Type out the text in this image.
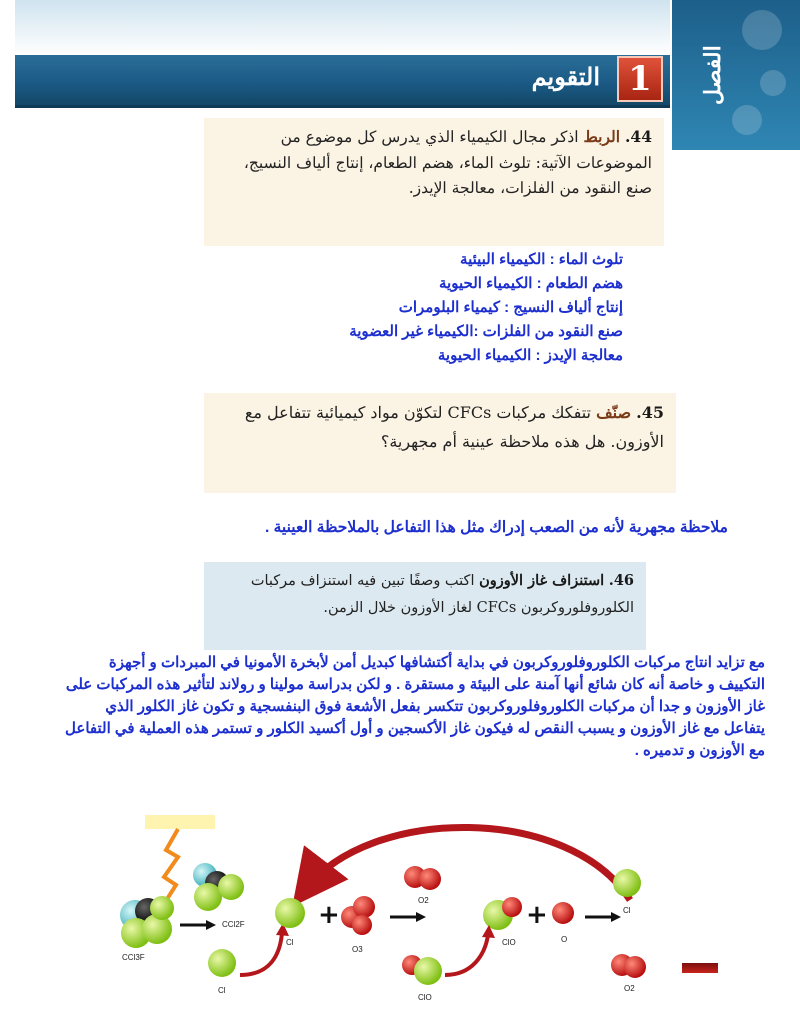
التقويم 1	الفصل
44. الربط اذكر مجال الكيمياء الذي يدرس كل موضوع من الموضوعات الآتية: تلوث الماء، هضم الطعام، إنتاج ألياف النسيج، صنع النقود من الفلزات، معالجة الإيدز.
تلوث الماء : الكيمياء البيئية
هضم الطعام : الكيمياء الحيوية
إنتاج ألياف النسيج : كيمياء البلومرات
صنع النقود من الفلزات :الكيمياء غير العضوية
معالجة الإيدز : الكيمياء الحيوية
45. صنّف تتفكك مركبات CFCs لتكوّن مواد كيميائية تتفاعل مع الأوزون. هل هذه ملاحظة عينية أم مجهرية؟
ملاحظة مجهرية لأنه من الصعب إدراك مثل هذا التفاعل بالملاحظة العينية .
46. استنزاف غاز الأوزون اكتب وصفًا تبين فيه استنزاف مركبات الكلوروفلوروكربون CFCs لغاز الأوزون خلال الزمن.
مع تزايد انتاج مركبات الكلوروفلوروكربون في بداية أكتشافها كبديل أمن لأبخرة الأمونيا في المبردات و أجهزة التكييف و خاصة أنه كان شائع أنها آمنة على البيئة و مستقرة . و لكن بدراسة مولينا و رولاند لتأثير هذه المركبات على غاز الأوزون و جدا أن مركبات الكلوروفلوروكربون تتكسر بفعل الأشعة فوق البنفسجية و تكون غاز الكلور الذي يتفاعل مع غاز الأوزون و يسبب النقص له فيكون غاز الأكسجين و أول أكسيد الكلور و تستمر هذه العملية في التفاعل مع الأوزون و تدميره .
CCl3F
CCl2F
Cl
Cl
+
O3
O2
ClO
ClO
+
O
Cl
O2
